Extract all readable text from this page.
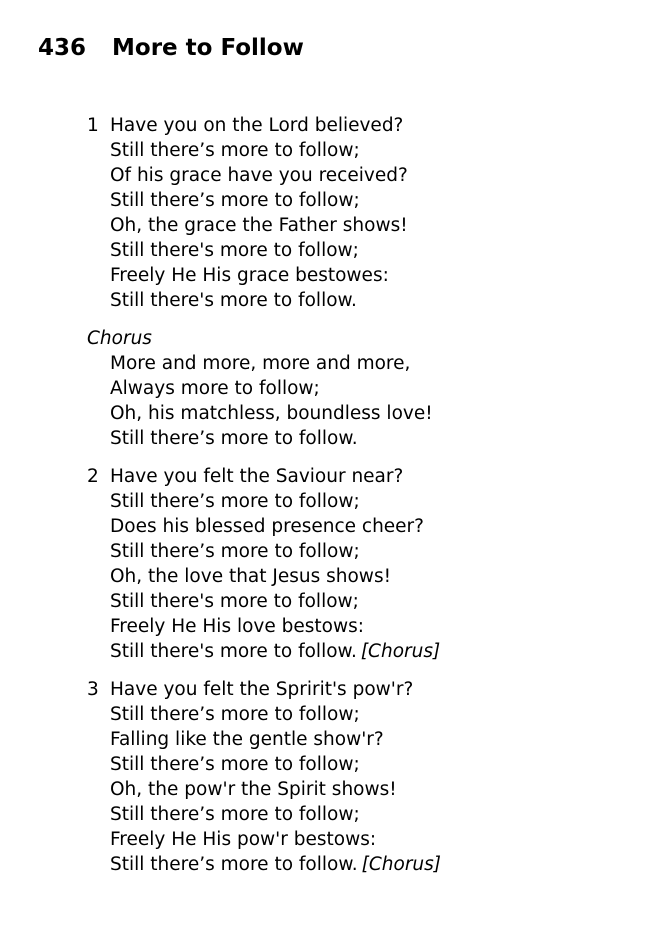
436 More to Follow
1 Have you on the Lord believed?
Still there’s more to follow;
Of his grace have you received?
Still there’s more to follow;
Oh, the grace the Father shows!
Still there's more to follow;
Freely He His grace bestowes:
Still there's more to follow.
Chorus
More and more, more and more,
Always more to follow;
Oh, his matchless, boundless love!
Still there’s more to follow.
2 Have you felt the Saviour near?
Still there’s more to follow;
Does his blessed presence cheer?
Still there’s more to follow;
Oh, the love that Jesus shows!
Still there's more to follow;
Freely He His love bestows:
Still there's more to follow. [Chorus]
3 Have you felt the Spririt's pow'r?
Still there’s more to follow;
Falling like the gentle show'r?
Still there’s more to follow;
Oh, the pow'r the Spirit shows!
Still there’s more to follow;
Freely He His pow'r bestows:
Still there’s more to follow. [Chorus]
